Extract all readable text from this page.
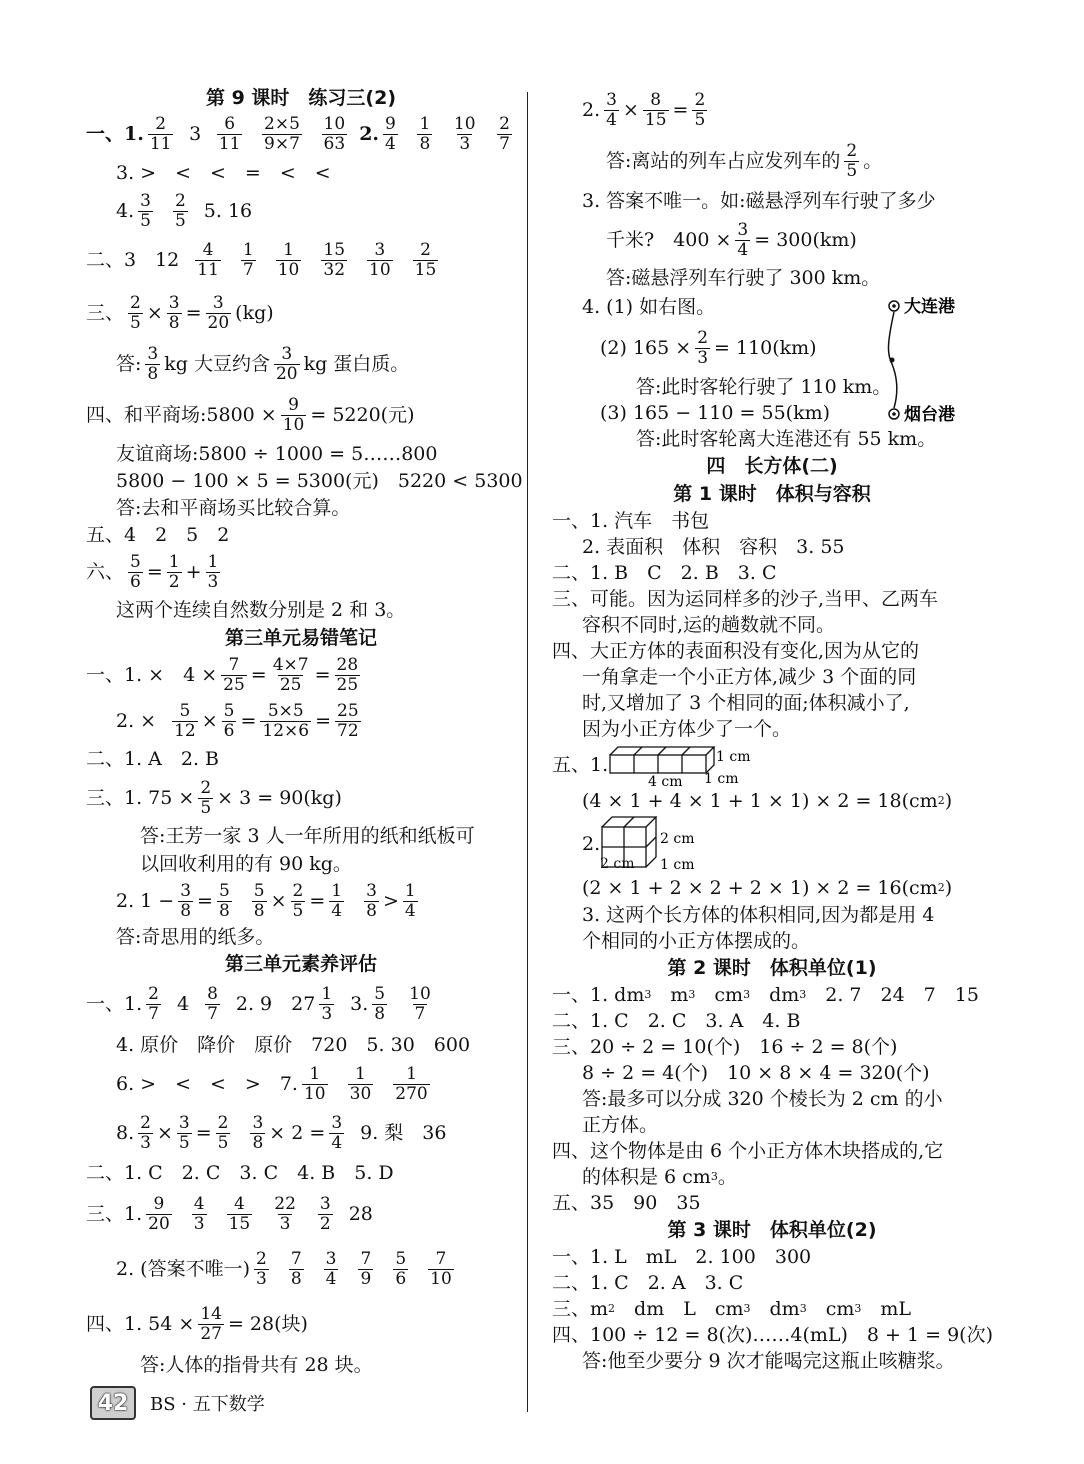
第 9 课时　练习三(2)
一、1. 2
11 3 6
11
2×5
9×7
10
63 2. 9
4
1
8
10
3
2
7
3. >　<　<　=　<　<
4. 3
5
2
5 5. 16
二、3　12 4
11
1
7
1
10
15
32
3
10
2
15
三、 $\frac{2}{5} \times \frac{3}{8} = \frac{3}{20} (kg)$
答: 3
8 kg 大豆约含 3
20 kg 蛋白质。
四、和平商场:5800 × $\frac{9}{10} = 5220$(元)
友谊商场:5800 ÷ 1000 = 5……800
5800 − 100 × 5 = 5300(元)　5220 < 5300
答:去和平商场买比较合算。
五、4　2　5　2
六、 $\frac{5}{6} = \frac{1}{2} + \frac{1}{3}$
这两个连续自然数分别是 2 和 3。
第三单元易错笔记
一、1. ×　$4 \times \frac{7}{25} = \frac{4\times 7}{25} = \frac{28}{25}$
2. × $\frac{5}{12} \times \frac{5}{6} = \frac{5\times 5}{12\times 6} = \frac{25}{72}$
二、1. A　2. B
三、1. $75 \times \frac{2}{5} \times 3 = 90(kg)$
答:王芳一家 3 人一年所用的纸和纸板可
以回收利用的有 90 kg。
2. $1 - \frac{3}{8} = \frac{5}{8} \frac{5}{8} \times \frac{2}{5} = \frac{1}{4} 3$
8 > 1
4
答:奇思用的纸多。
第三单元素养评估
一、1. 2
7 4 8
7 2. 9　27 1
3 3. 5
8
10
7
4. 原价　降价　原价　720　5. 30　600
6. >　<　<　>　7. 1
10
1
30
1
270
8. $\frac{2}{3} \times \frac{3}{5} = \frac{2}{5} \frac{3}{8} \times 2 = \frac{3}{4} 9$. 梨　36
二、1. C　2. C　3. C　4. B　5. D
三、1. 9
20
4
3
4
15
22
3
3
2 28
2. (答案不唯一) 2
3
7
8
3
4
7
9
5
6
7
10
四、1. $54 \times \frac{14}{27} = 28$(块)
答:人体的指骨共有 28 块。
2. $\frac{3}{4} \times \frac{8}{15} = \frac{2}{5}$
答:离站的列车占应发列车的 2
5 。
3. 答案不唯一。如:磁悬浮列车行驶了多少
千米?　$400 \times \frac{3}{4} = 300(km)$
答:磁悬浮列车行驶了 300 km。
大连港
烟台港
4. (1) 如右图。
(2) $165 \times \frac{2}{3} = 110(km)$
答:此时客轮行驶了 110 km。
(3) 165 − 110 = 55(km)
答:此时客轮离大连港还有 55 km。
四　长方体(二)
第 1 课时　体积与容积
一、1. 汽车　书包
2. 表面积　体积　容积　3. 55
二、1. B　C　2. B　3. C
三、可能。因为运同样多的沙子,当甲、乙两车
容积不同时,运的趟数就不同。
四、大正方体的表面积没有变化,因为从它的
一角拿走一个小正方体,减少 3 个面的同
时,又增加了 3 个相同的面;体积减小了,
因为小正方体少了一个。
五、1.	1 cm
4 cm 1 cm
(4 × 1 + 4 × 1 + 1 × 1) × 2 = 18(cm 2 )
2.	2 cm
1 cm
2 cm
(2 × 1 + 2 × 2 + 2 × 1) × 2 = 16(cm 2 )
3. 这两个长方体的体积相同,因为都是用 4
个相同的小正方体摆成的。
第 2 课时　体积单位(1)
一、1. dm 3 　m 3 　cm 3 　dm 3 　2. 7　24　7　15
二、1. C　2. C　3. A　4. B
三、20 ÷ 2 = 10(个)　16 ÷ 2 = 8(个)
8 ÷ 2 = 4(个)　10 × 8 × 4 = 320(个)
答:最多可以分成 320 个棱长为 2 cm 的小
正方体。
四、这个物体是由 6 个小正方体木块搭成的,它
的体积是 6 cm 3 。
五、35　90　35
第 3 课时　体积单位(2)
一、1. L　mL　2. 100　300
二、1. C　2. A　3. C
三、m 2 　dm　L　cm 3 　dm 3 　cm 3 　mL
四、100 ÷ 12 = 8(次)……4(mL)　8 + 1 = 9(次)
答:他至少要分 9 次才能喝完这瓶止咳糖浆。
42	BS · 五下数学
